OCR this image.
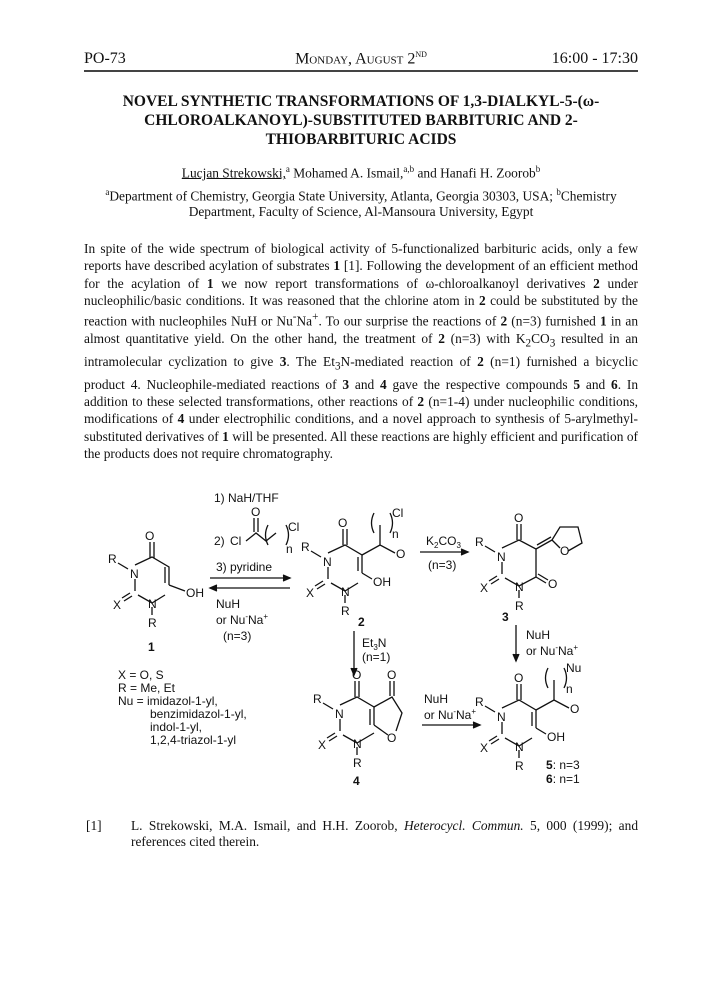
PO-73	Monday, August 2ND	16:00 - 17:30
NOVEL SYNTHETIC TRANSFORMATIONS OF 1,3-DIALKYL-5-(ω-CHLOROALKANOYL)-SUBSTITUTED BARBITURIC AND 2-THIOBARBITURIC ACIDS
Lucjan Strekowski,$^a$ Mohamed A. Ismail,$^{a,b}$ and Hanafi H. Zoorob$^b$
$^a$Department of Chemistry, Georgia State University, Atlanta, Georgia 30303, USA; $^b$Chemistry Department, Faculty of Science, Al-Mansoura University, Egypt
In spite of the wide spectrum of biological activity of 5-functionalized barbituric acids, only a few reports have described acylation of substrates 1 [1]. Following the development of an efficient method for the acylation of 1 we now report transformations of ω-chloroalkanoyl derivatives 2 under nucleophilic/basic conditions. It was reasoned that the chlorine atom in 2 could be substituted by the reaction with nucleophiles NuH or Nu-Na+. To our surprise the reactions of 2 (n=3) furnished 1 in an almost quantitative yield. On the other hand, the treatment of 2 (n=3) with $K_2CO_3$ resulted in an intramolecular cyclization to give 3. The $Et_3N$-mediated reaction of 2 (n=1) furnished a bicyclic product 4. Nucleophile-mediated reactions of 3 and 4 gave the respective compounds 5 and 6. In addition to these selected transformations, other reactions of 2 (n=1-4) under nucleophilic conditions, modifications of 4 under electrophilic conditions, and a novel approach to synthesis of 5-arylmethyl-substituted derivatives of 1 will be presented. All these reactions are highly efficient and purification of the products does not require chromatography.
O
R
N
X N
R
OH
1
1) NaH/THF
2) Cl
O
Cl
n
3) pyridine
NuH
or Nu-Na+
(n=3)
O
R
N
X N
R
OH
O
Cl
n
2
$K_2CO_3$
(n=3)
O
R
N
X N
R
O
O
3
NuH
or Nu-Na+
$Et_3N$
(n=1)
X = O, S
R = Me, Et
Nu = imidazol-1-yl,
benzimidazol-1-yl,
indol-1-yl,
1,2,4-triazol-1-yl
O O
R
N
X N
R
O
4
NuH
or Nu-Na+
O
R
N
X N
R
OH
O
Nu
n
5: n=3
6: n=1
[1] L. Strekowski, M.A. Ismail, and H.H. Zoorob, Heterocycl. Commun. 5, 000 (1999); and references cited therein.
